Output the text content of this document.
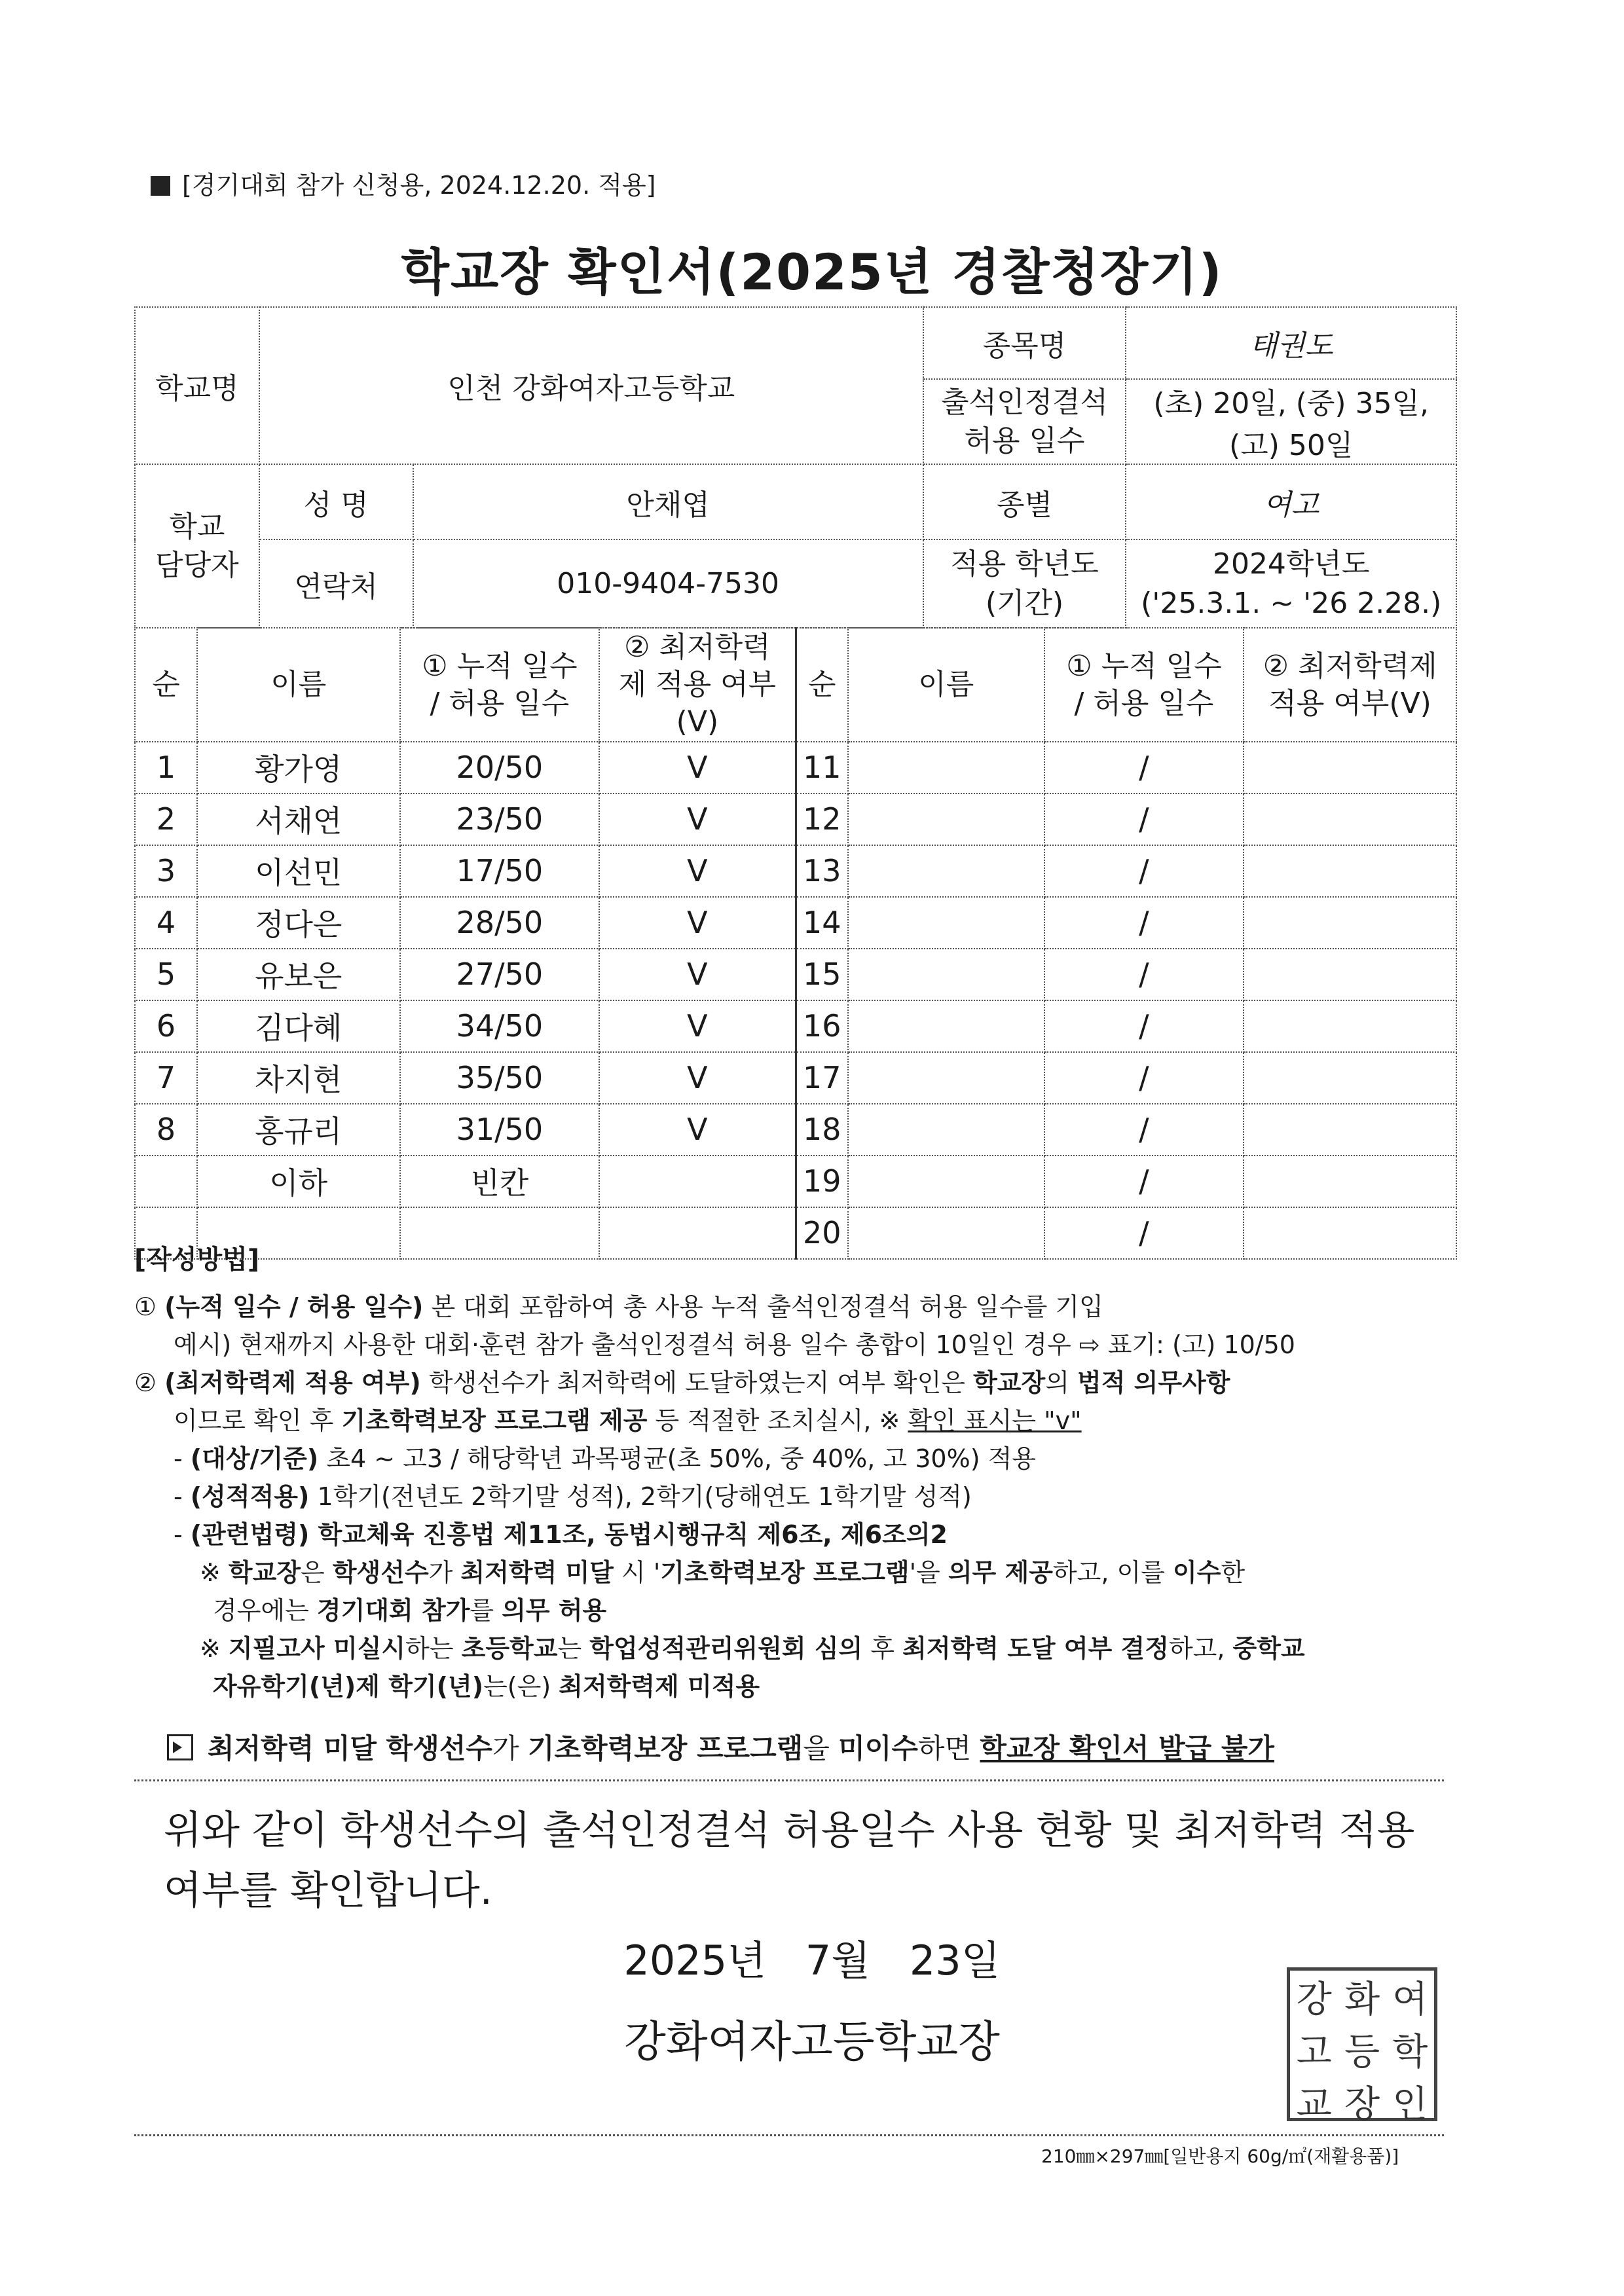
[경기대회 참가 신청용, 2024.12.20. 적용]
학교장 확인서(2025년 경찰청장기)
학교명	인천 강화여자고등학교		종목명	태권도
			출석인정결석 허용 일수	(초) 20일, (중) 35일, (고) 50일
학교 담당자	성 명	안채엽	종별	여고
	연락처	010-9404-7530	적용 학년도 (기간)	2024학년도
('25.3.1. ~ '26 2.28.)
순	이름	① 누적 일수 / 허용 일수	② 최저학력제 적용 여부(V)	순	이름	① 누적 일수 / 허용 일수	② 최저학력제 적용 여부(V)
1	황가영	20/50	V	11		/	
2	서채연	23/50	V	12		/	
3	이선민	17/50	V	13		/	
4	정다은	28/50	V	14		/	
5	유보은	27/50	V	15		/	
6	김다혜	34/50	V	16		/	
7	차지현	35/50	V	17		/	
8	홍규리	31/50	V	18		/	
	이하	빈칸		19		/	
				20		/	
[작성방법]
① (누적 일수 / 허용 일수) 본 대회 포함하여 총 사용 누적 출석인정결석 허용 일수를 기입
예시) 현재까지 사용한 대회·훈련 참가 출석인정결석 허용 일수 총합이 10일인 경우 ⇨ 표기: (고) 10/50
② (최저학력제 적용 여부) 학생선수가 최저학력에 도달하였는지 여부 확인은 학교장의 법적 의무사항
이므로 확인 후 기초학력보장 프로그램 제공 등 적절한 조치실시, ※ 확인 표시는 "v"
- (대상/기준) 초4 ~ 고3 / 해당학년 과목평균(초 50%, 중 40%, 고 30%) 적용
- (성적적용) 1학기(전년도 2학기말 성적), 2학기(당해연도 1학기말 성적)
- (관련법령) 학교체육 진흥법 제11조, 동법시행규칙 제6조, 제6조의2
※ 학교장은 학생선수가 최저학력 미달 시 '기초학력보장 프로그램'을 의무 제공하고, 이를 이수한
경우에는 경기대회 참가를 의무 허용
※ 지필고사 미실시하는 초등학교는 학업성적관리위원회 심의 후 최저학력 도달 여부 결정하고, 중학교
자유학기(년)제 학기(년)는(은) 최저학력제 미적용
최저학력 미달 학생선수가 기초학력보장 프로그램을 미이수하면 학교장 확인서 발급 불가
위와 같이 학생선수의 출석인정결석 허용일수 사용 현황 및 최저학력 적용 여부를 확인합니다.
2025년 7월 23일
강화여자고등학교장
강 화 여
고 등 학
교 장 인
210㎜×297㎜[일반용지 60g/㎡(재활용품)]
